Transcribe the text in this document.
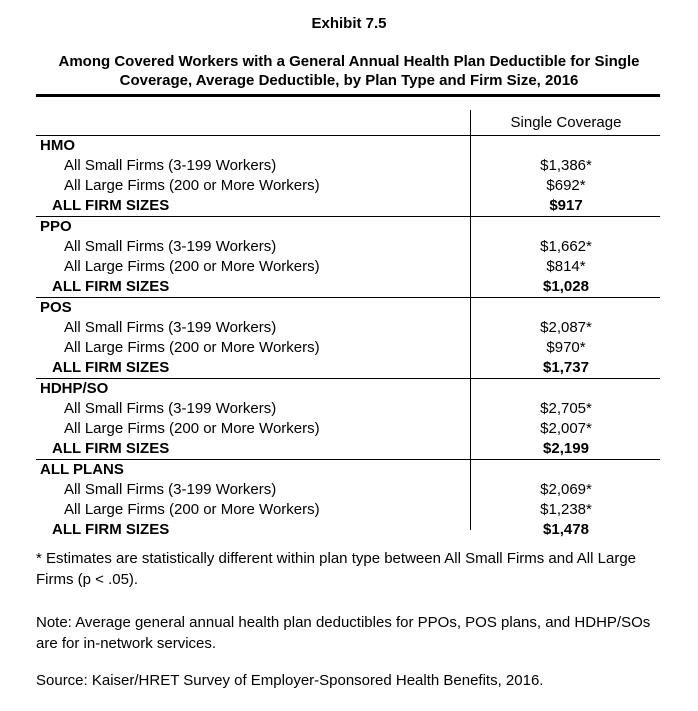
Exhibit 7.5
Among Covered Workers with a General Annual Health Plan Deductible for Single Coverage, Average Deductible, by Plan Type and Firm Size, 2016
Single Coverage
HMO
All Small Firms (3-199 Workers)	$1,386*
All Large Firms (200 or More Workers)	$692*
ALL FIRM SIZES	$917
PPO
All Small Firms (3-199 Workers)	$1,662*
All Large Firms (200 or More Workers)	$814*
ALL FIRM SIZES	$1,028
POS
All Small Firms (3-199 Workers)	$2,087*
All Large Firms (200 or More Workers)	$970*
ALL FIRM SIZES	$1,737
HDHP/SO
All Small Firms (3-199 Workers)	$2,705*
All Large Firms (200 or More Workers)	$2,007*
ALL FIRM SIZES	$2,199
ALL PLANS
All Small Firms (3-199 Workers)	$2,069*
All Large Firms (200 or More Workers)	$1,238*
ALL FIRM SIZES	$1,478
* Estimates are statistically different within plan type between All Small Firms and All Large Firms (p < .05).
Note: Average general annual health plan deductibles for PPOs, POS plans, and HDHP/SOs are for in-network services.
Source: Kaiser/HRET Survey of Employer-Sponsored Health Benefits, 2016.
